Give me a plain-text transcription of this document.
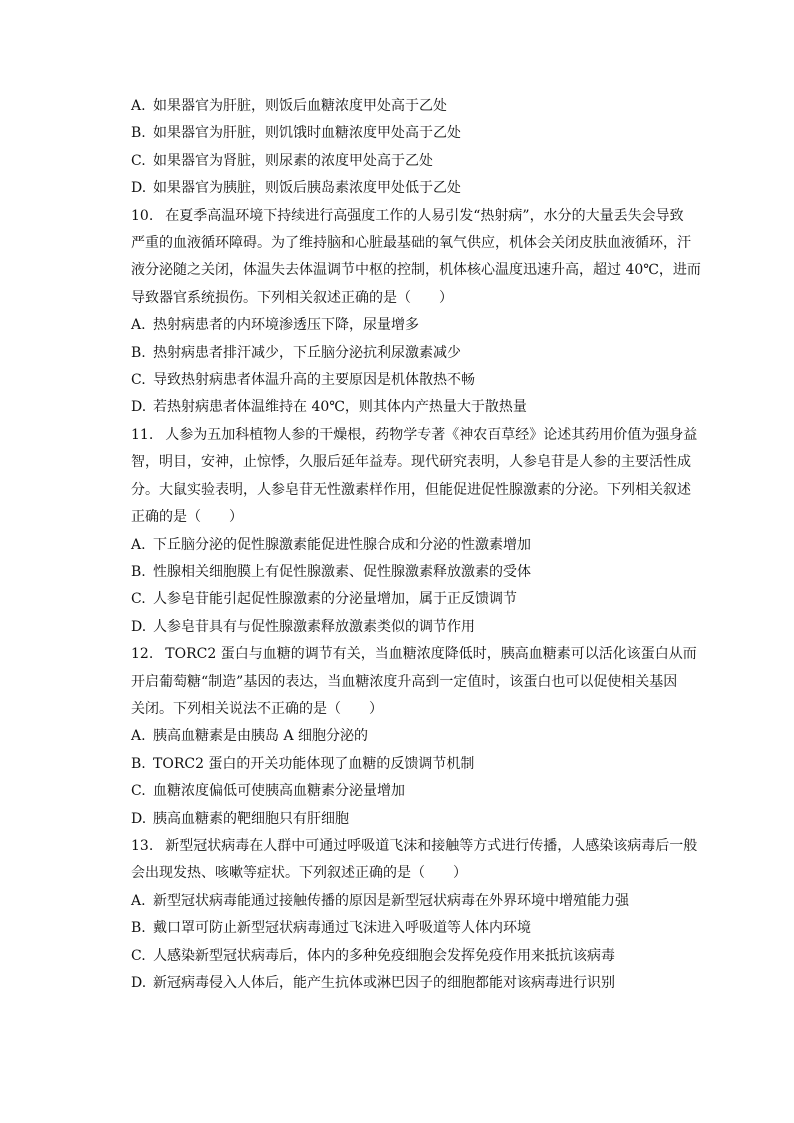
A. 如果器官为肝脏，则饭后血糖浓度甲处高于乙处
B. 如果器官为肝脏，则饥饿时血糖浓度甲处高于乙处
C. 如果器官为肾脏，则尿素的浓度甲处高于乙处
D. 如果器官为胰脏，则饭后胰岛素浓度甲处低于乙处
10. 在夏季高温环境下持续进行高强度工作的人易引发“热射病”，水分的大量丢失会导致
严重的血液循环障碍。为了维持脑和心脏最基础的氧气供应，机体会关闭皮肤血液循环，汗
液分泌随之关闭，体温失去体温调节中枢的控制，机体核心温度迅速升高，超过 40℃，进而
导致器官系统损伤。下列相关叙述正确的是（　　）
A. 热射病患者的内环境渗透压下降，尿量增多
B. 热射病患者排汗减少，下丘脑分泌抗利尿激素减少
C. 导致热射病患者体温升高的主要原因是机体散热不畅
D. 若热射病患者体温维持在 40℃，则其体内产热量大于散热量
11. 人参为五加科植物人参的干燥根，药物学专著《神农百草经》论述其药用价值为强身益
智，明目，安神，止惊悸，久服后延年益寿。现代研究表明，人参皂苷是人参的主要活性成
分。大鼠实验表明，人参皂苷无性激素样作用，但能促进促性腺激素的分泌。下列相关叙述
正确的是（　　）
A. 下丘脑分泌的促性腺激素能促进性腺合成和分泌的性激素增加
B. 性腺相关细胞膜上有促性腺激素、促性腺激素释放激素的受体
C. 人参皂苷能引起促性腺激素的分泌量增加，属于正反馈调节
D. 人参皂苷具有与促性腺激素释放激素类似的调节作用
12. TORC2 蛋白与血糖的调节有关，当血糖浓度降低时，胰高血糖素可以活化该蛋白从而
开启葡萄糖“制造”基因的表达，当血糖浓度升高到一定值时，该蛋白也可以促使相关基因
关闭。下列相关说法不正确的是（　　）
A. 胰高血糖素是由胰岛 A 细胞分泌的
B. TORC2 蛋白的开关功能体现了血糖的反馈调节机制
C. 血糖浓度偏低可使胰高血糖素分泌量增加
D. 胰高血糖素的靶细胞只有肝细胞
13. 新型冠状病毒在人群中可通过呼吸道飞沫和接触等方式进行传播，人感染该病毒后一般
会出现发热、咳嗽等症状。下列叙述正确的是（　　）
A. 新型冠状病毒能通过接触传播的原因是新型冠状病毒在外界环境中增殖能力强
B. 戴口罩可防止新型冠状病毒通过飞沫进入呼吸道等人体内环境
C. 人感染新型冠状病毒后，体内的多种免疫细胞会发挥免疫作用来抵抗该病毒
D. 新冠病毒侵入人体后，能产生抗体或淋巴因子的细胞都能对该病毒进行识别
